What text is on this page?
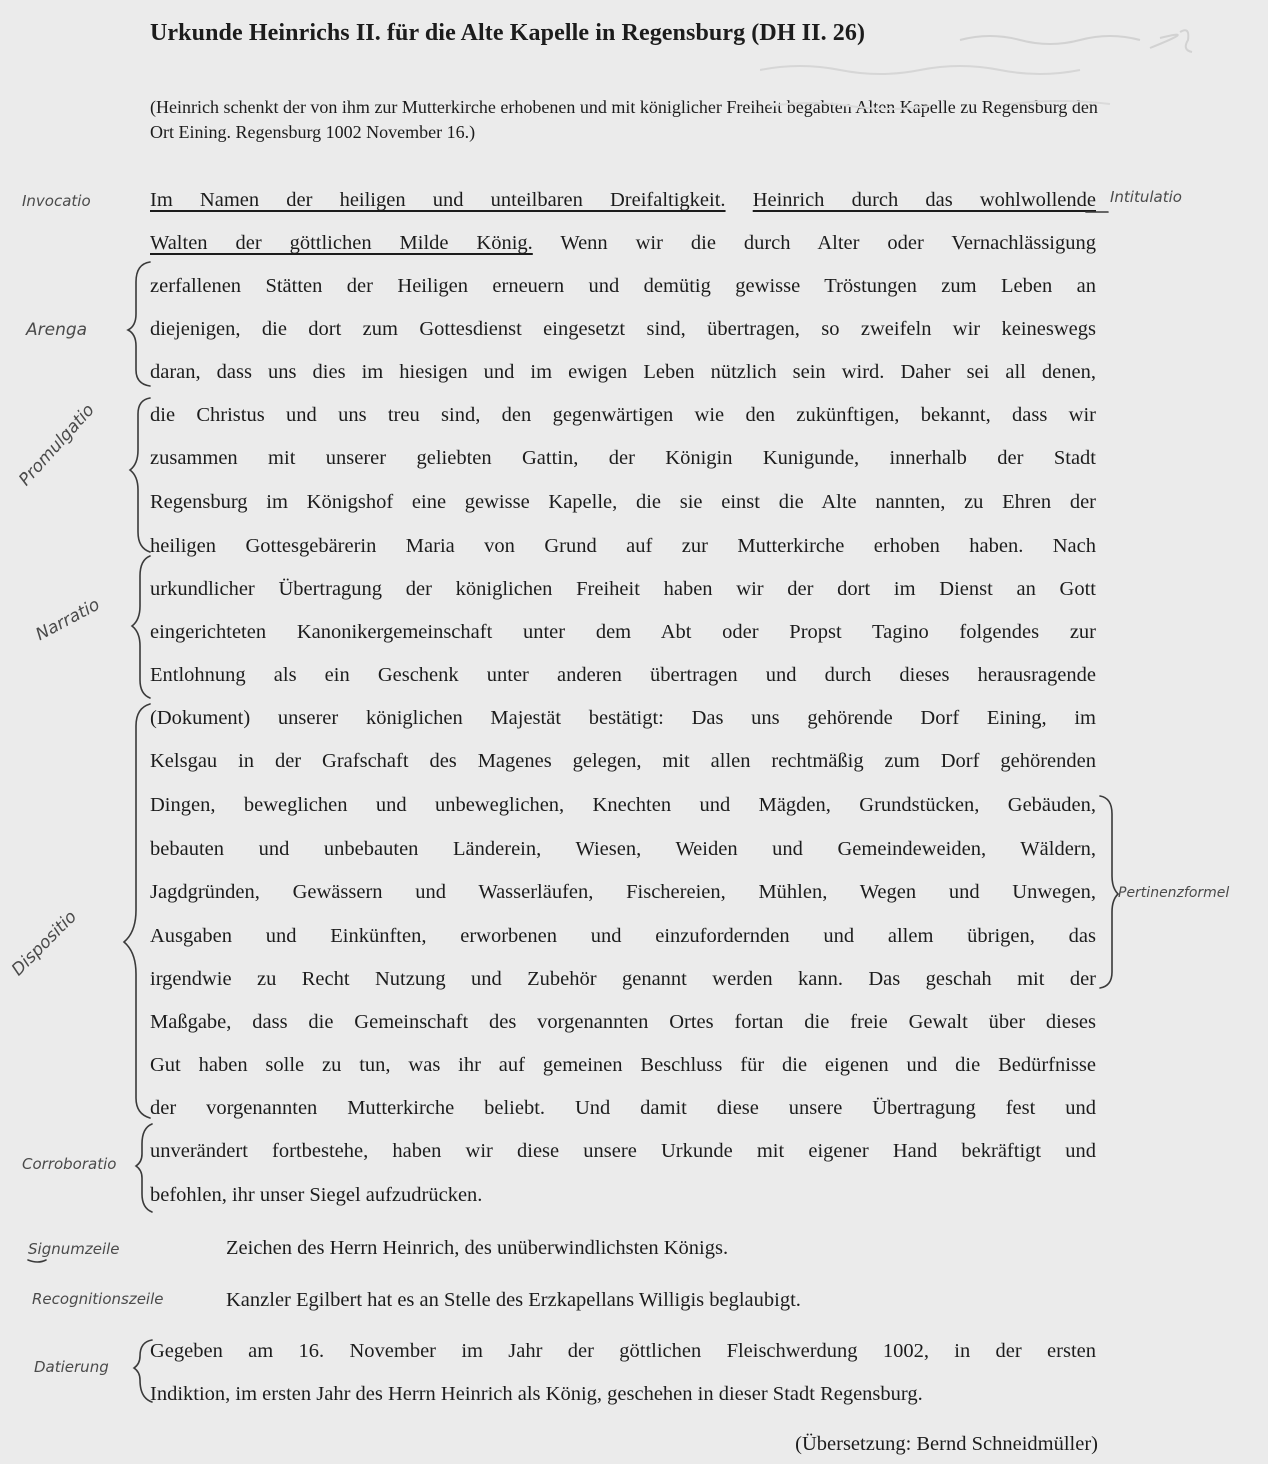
Urkunde Heinrichs II. für die Alte Kapelle in Regensburg (DH II. 26)
(Heinrich schenkt der von ihm zur Mutterkirche erhobenen und mit königlicher Freiheit begabten Alten Kapelle zu Regensburg den Ort Eining. Regensburg 1002 November 16.)
Im Namen der heiligen und unteilbaren Dreifaltigkeit. Heinrich durch das wohlwollende
Walten der göttlichen Milde König. Wenn wir die durch Alter oder Vernachlässigung
zerfallenen Stätten der Heiligen erneuern und demütig gewisse Tröstungen zum Leben an
diejenigen, die dort zum Gottesdienst eingesetzt sind, übertragen, so zweifeln wir keineswegs
daran, dass uns dies im hiesigen und im ewigen Leben nützlich sein wird. Daher sei all denen,
die Christus und uns treu sind, den gegenwärtigen wie den zukünftigen, bekannt, dass wir
zusammen mit unserer geliebten Gattin, der Königin Kunigunde, innerhalb der Stadt
Regensburg im Königshof eine gewisse Kapelle, die sie einst die Alte nannten, zu Ehren der
heiligen Gottesgebärerin Maria von Grund auf zur Mutterkirche erhoben haben. Nach
urkundlicher Übertragung der königlichen Freiheit haben wir der dort im Dienst an Gott
eingerichteten Kanonikergemeinschaft unter dem Abt oder Propst Tagino folgendes zur
Entlohnung als ein Geschenk unter anderen übertragen und durch dieses herausragende
(Dokument) unserer königlichen Majestät bestätigt: Das uns gehörende Dorf Eining, im
Kelsgau in der Grafschaft des Magenes gelegen, mit allen rechtmäßig zum Dorf gehörenden
Dingen, beweglichen und unbeweglichen, Knechten und Mägden, Grundstücken, Gebäuden,
bebauten und unbebauten Länderein, Wiesen, Weiden und Gemeindeweiden, Wäldern,
Jagdgründen, Gewässern und Wasserläufen, Fischereien, Mühlen, Wegen und Unwegen,
Ausgaben und Einkünften, erworbenen und einzufordernden und allem übrigen, das
irgendwie zu Recht Nutzung und Zubehör genannt werden kann. Das geschah mit der
Maßgabe, dass die Gemeinschaft des vorgenannten Ortes fortan die freie Gewalt über dieses
Gut haben solle zu tun, was ihr auf gemeinen Beschluss für die eigenen und die Bedürfnisse
der vorgenannten Mutterkirche beliebt. Und damit diese unsere Übertragung fest und
unverändert fortbestehe, haben wir diese unsere Urkunde mit eigener Hand bekräftigt und
befohlen, ihr unser Siegel aufzudrücken.
Zeichen des Herrn Heinrich, des unüberwindlichsten Königs.
Kanzler Egilbert hat es an Stelle des Erzkapellans Willigis beglaubigt.
Gegeben am 16. November im Jahr der göttlichen Fleischwerdung 1002, in der ersten
Indiktion, im ersten Jahr des Herrn Heinrich als König, geschehen in dieser Stadt Regensburg.
(Übersetzung: Bernd Schneidmüller)
Invocatio	Intitulatio
Arenga
Promulgatio
Narratio
Dispositio
Pertinenzformel
Corroboratio
Signumzeile
Recognitionszeile
Datierung
